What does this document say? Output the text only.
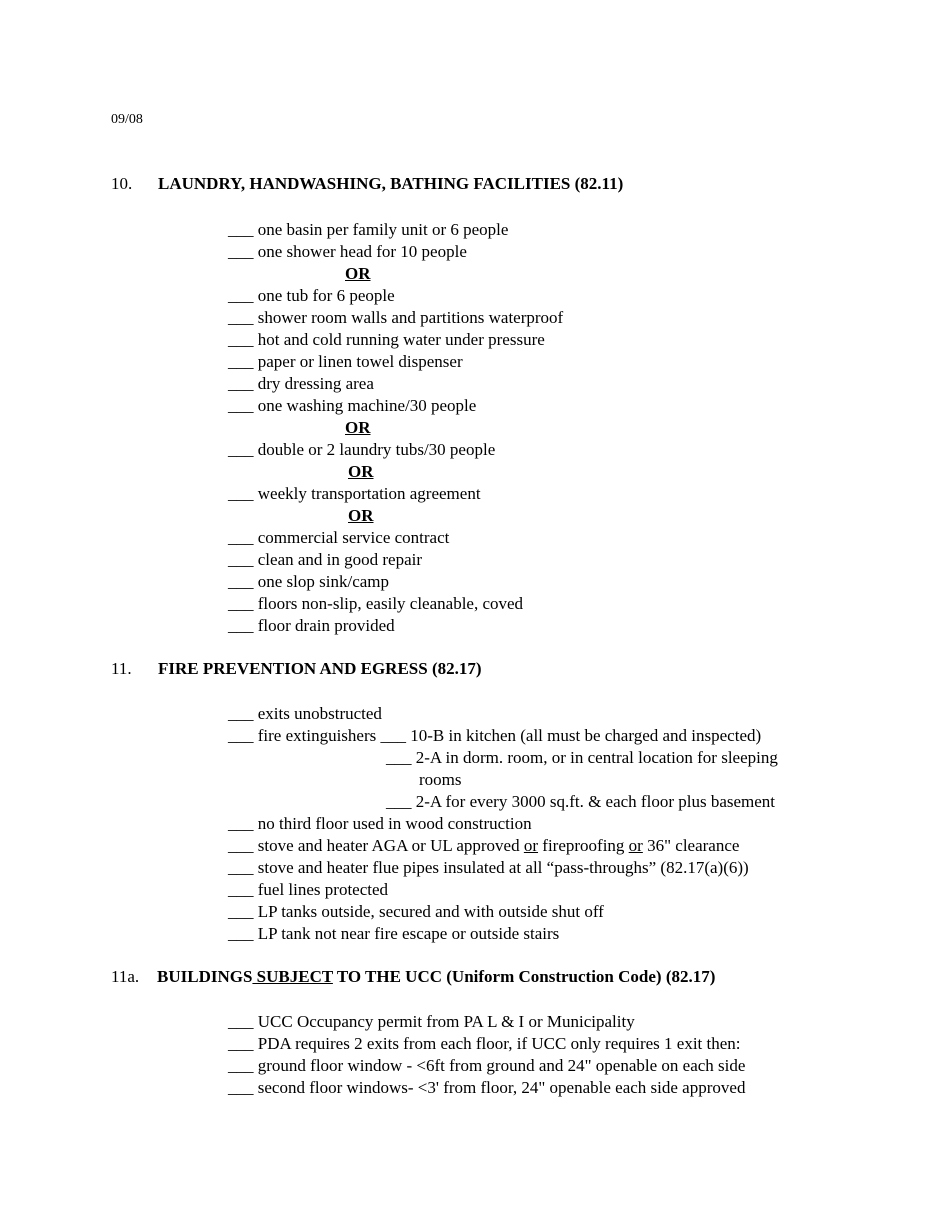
09/08
10. LAUNDRY, HANDWASHING, BATHING FACILITIES (82.11)
___ one basin per family unit or 6 people
___ one shower head for 10 people
OR
___ one tub for 6 people
___ shower room walls and partitions waterproof
___ hot and cold running water under pressure
___ paper or linen towel dispenser
___ dry dressing area
___ one washing machine/30 people
OR
___ double or 2 laundry tubs/30 people
OR
___ weekly transportation agreement
OR
___ commercial service contract
___ clean and in good repair
___ one slop sink/camp
___ floors non-slip, easily cleanable, coved
___ floor drain provided
11. FIRE PREVENTION AND EGRESS (82.17)
___ exits unobstructed
___ fire extinguishers ___ 10-B in kitchen (all must be charged and inspected)
___ 2-A in dorm. room, or in central location for sleeping
rooms
___ 2-A for every 3000 sq.ft. & each floor plus basement
___ no third floor used in wood construction
___ stove and heater AGA or UL approved or fireproofing or 36" clearance
___ stove and heater flue pipes insulated at all “pass-throughs” (82.17(a)(6))
___ fuel lines protected
___ LP tanks outside, secured and with outside shut off
___ LP tank not near fire escape or outside stairs
11a. BUILDINGS SUBJECT TO THE UCC (Uniform Construction Code) (82.17)
___ UCC Occupancy permit from PA L & I or Municipality
___ PDA requires 2 exits from each floor, if UCC only requires 1 exit then:
___ ground floor window - <6ft from ground and 24" openable on each side
___ second floor windows- <3' from floor, 24" openable each side approved
